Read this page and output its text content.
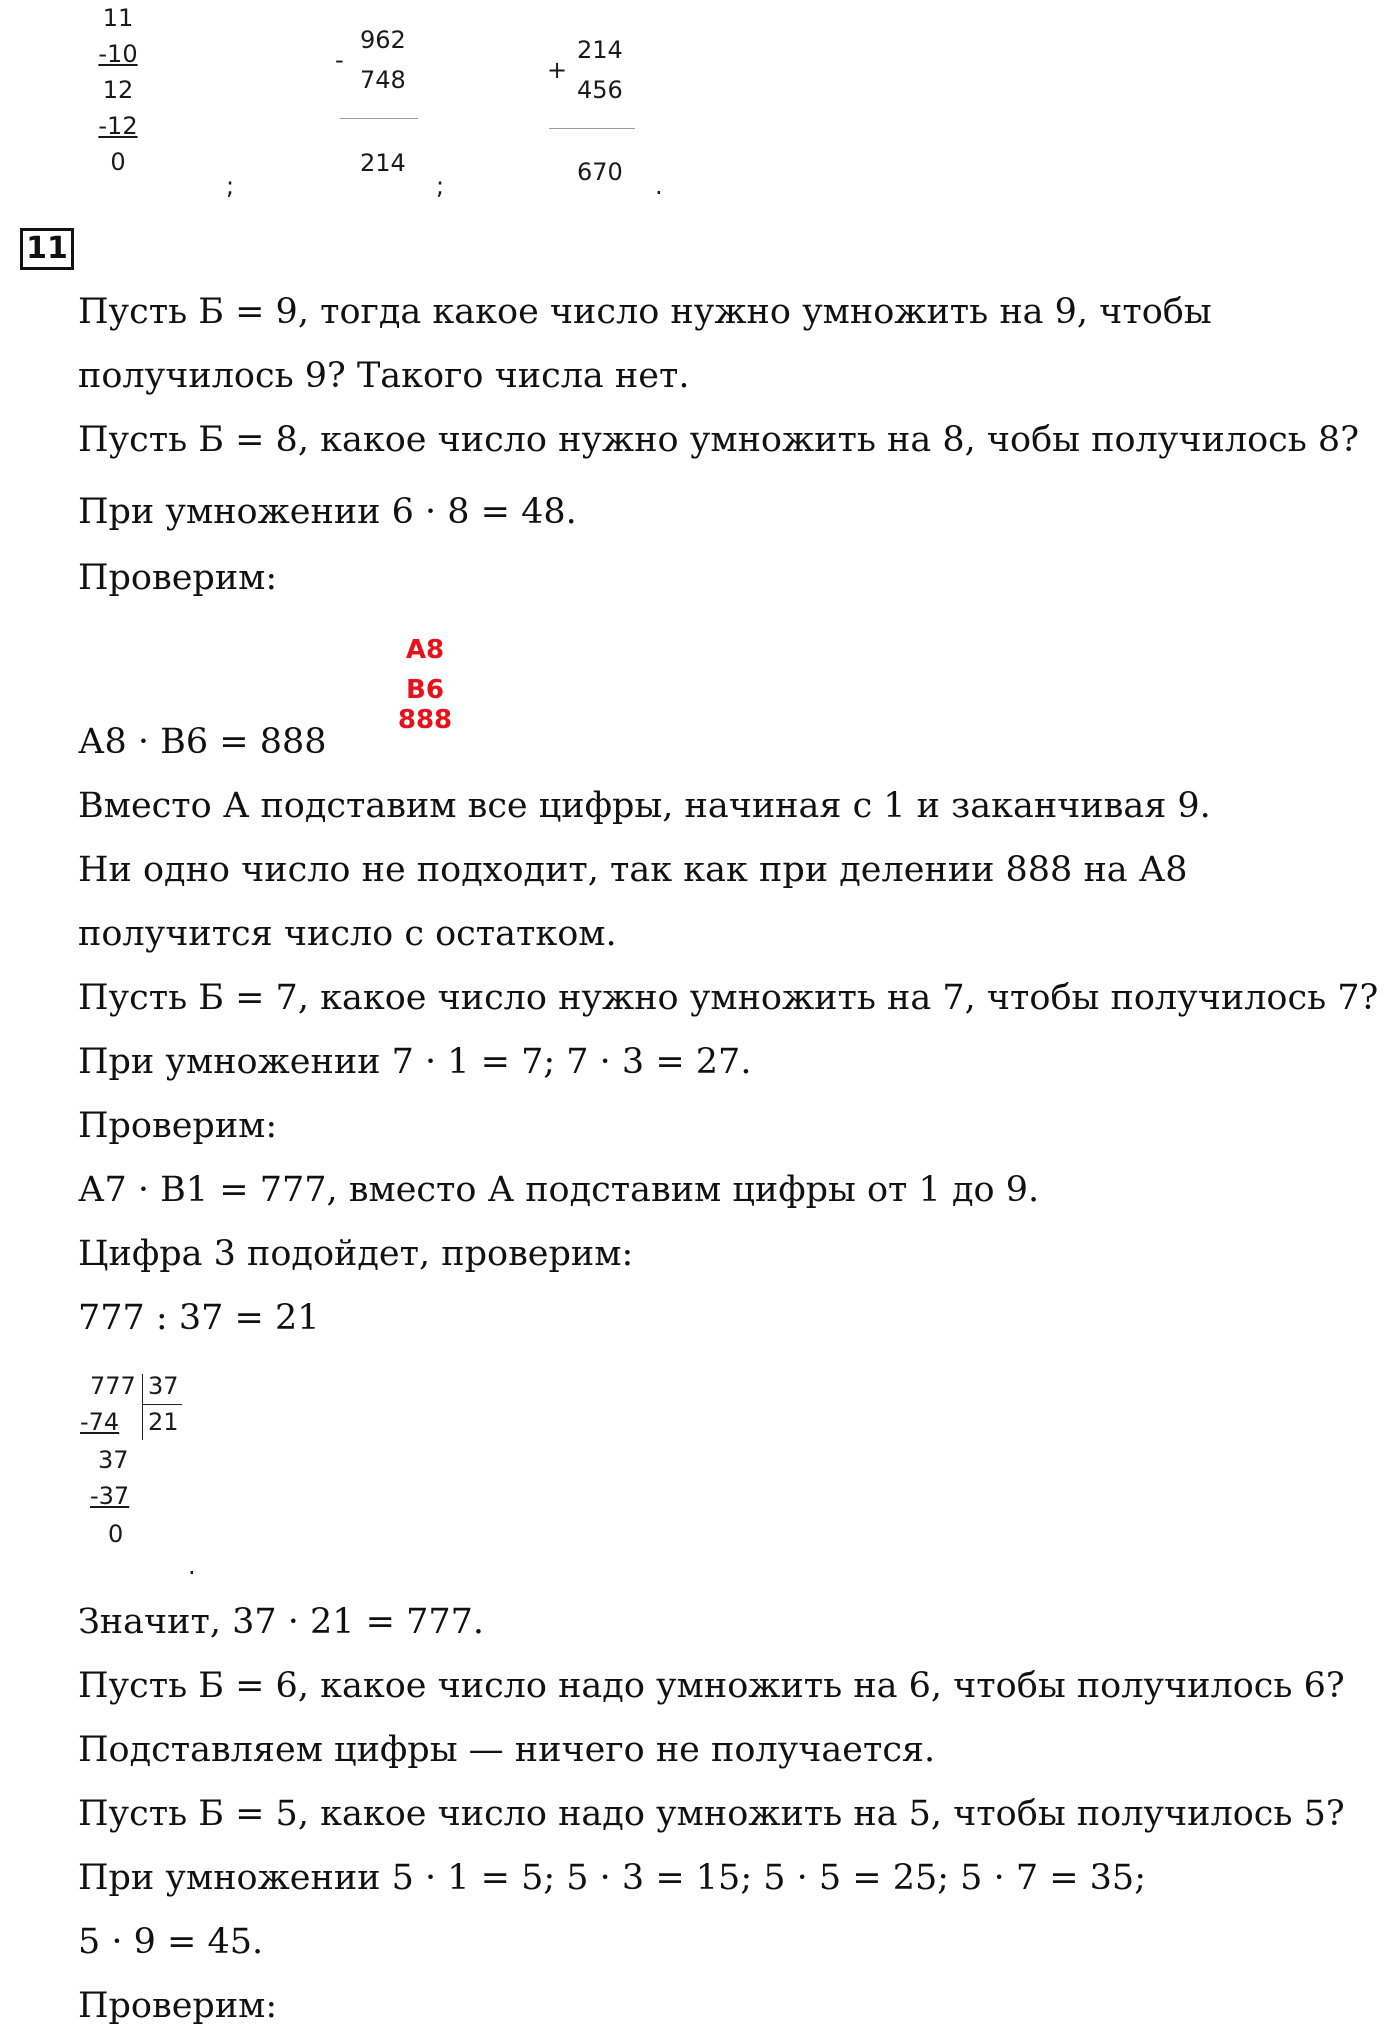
11
-10
12
-12
0
;
-
962
748
214
;
+
214
456
670 .
11
Пусть Б = 9, тогда какое число нужно умножить на 9, чтобы
получилось 9? Такого числа нет.
Пусть Б = 8, какое число нужно умножить на 8, чобы получилось 8?
При умножении 6 · 8 = 48.
Проверим:
А8
В6
888
А8 · В6 = 888
Вместо А подставим все цифры, начиная с 1 и заканчивая 9.
Ни одно число не подходит, так как при делении 888 на А8
получится число с остатком.
Пусть Б = 7, какое число нужно умножить на 7, чтобы получилось 7?
При умножении 7 · 1 = 7; 7 · 3 = 27.
Проверим:
А7 · В1 = 777, вместо А подставим цифры от 1 до 9.
Цифра 3 подойдет, проверим:
777 : 37 = 21
777 37
-74 21
37
-37
0
.
Значит, 37 · 21 = 777.
Пусть Б = 6, какое число надо умножить на 6, чтобы получилось 6?
Подставляем цифры — ничего не получается.
Пусть Б = 5, какое число надо умножить на 5, чтобы получилось 5?
При умножении 5 · 1 = 5; 5 · 3 = 15; 5 · 5 = 25; 5 · 7 = 35;
5 · 9 = 45.
Проверим:
